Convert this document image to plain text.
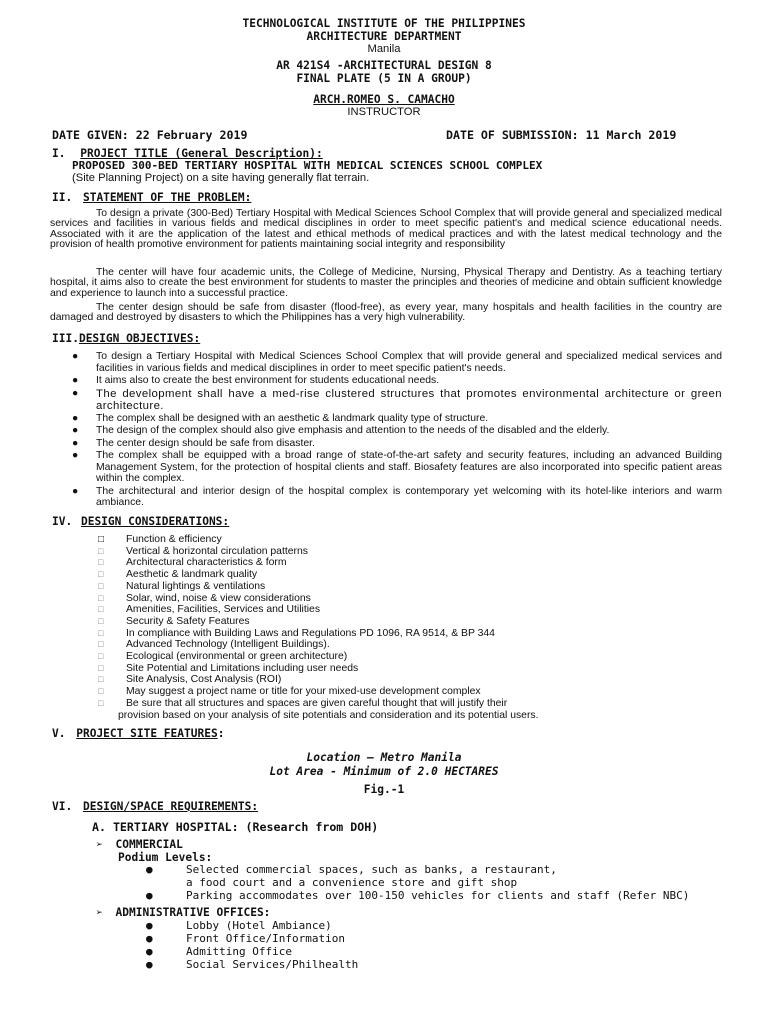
TECHNOLOGICAL INSTITUTE OF THE PHILIPPINES
ARCHITECTURE DEPARTMENT
Manila
AR 421S4 -ARCHITECTURAL DESIGN 8
FINAL PLATE (5 IN A GROUP)
ARCH.ROMEO S. CAMACHO
INSTRUCTOR
DATE GIVEN: 22 February 2019	DATE OF SUBMISSION: 11 March 2019
I. PROJECT TITLE (General Description):
PROPOSED 300-BED TERTIARY HOSPITAL WITH MEDICAL SCIENCES SCHOOL COMPLEX
(Site Planning Project) on a site having generally flat terrain.
II. STATEMENT OF THE PROBLEM:
To design a private (300-Bed) Tertiary Hospital with Medical Sciences School Complex that will provide general and specialized medical services and facilities in various fields and medical disciplines in order to meet specific patient's and medical science educational needs. Associated with it are the application of the latest and ethical methods of medical practices and with the latest medical technology and the provision of health promotive environment for patients maintaining social integrity and responsibility
The center will have four academic units, the College of Medicine, Nursing, Physical Therapy and Dentistry. As a teaching tertiary hospital, it aims also to create the best environment for students to master the principles and theories of medicine and obtain sufficient knowledge and experience to launch into a successful practice.
The center design should be safe from disaster (flood-free), as every year, many hospitals and health facilities in the country are damaged and destroyed by disasters to which the Philippines has a very high vulnerability.
III.DESIGN OBJECTIVES:
● To design a Tertiary Hospital with Medical Sciences School Complex that will provide general and specialized medical services and facilities in various fields and medical disciplines in order to meet specific patient's needs.
● It aims also to create the best environment for students educational needs.
● The development shall have a med-rise clustered structures that promotes environmental architecture or green architecture.
● The complex shall be designed with an aesthetic & landmark quality type of structure.
● The design of the complex should also give emphasis and attention to the needs of the disabled and the elderly.
● The center design should be safe from disaster.
● The complex shall be equipped with a broad range of state-of-the-art safety and security features, including an advanced Building Management System, for the protection of hospital clients and staff. Biosafety features are also incorporated into specific patient areas within the complex.
● The architectural and interior design of the hospital complex is contemporary yet welcoming with its hotel-like interiors and warm ambiance.
IV. DESIGN CONSIDERATIONS:
□ Function & efficiency
□ Vertical & horizontal circulation patterns
□ Architectural characteristics & form
□ Aesthetic & landmark quality
□ Natural lightings & ventilations
□ Solar, wind, noise & view considerations
□ Amenities, Facilities, Services and Utilities
□ Security & Safety Features
□ In compliance with Building Laws and Regulations PD 1096, RA 9514, & BP 344
□ Advanced Technology (Intelligent Buildings).
□ Ecological (environmental or green architecture)
□ Site Potential and Limitations including user needs
□ Site Analysis, Cost Analysis (ROI)
□ May suggest a project name or title for your mixed-use development complex
□ Be sure that all structures and spaces are given careful thought that will justify their
provision based on your analysis of site potentials and consideration and its potential users.
V. PROJECT SITE FEATURES:
Location – Metro Manila
Lot Area - Minimum of 2.0 HECTARES
Fig.-1
VI. DESIGN/SPACE REQUIREMENTS:
A. TERTIARY HOSPITAL: (Research from DOH)
➢ COMMERCIAL
Podium Levels:
●	Selected commercial spaces, such as banks, a restaurant,
a food court and a convenience store and gift shop
●	Parking accommodates over 100-150 vehicles for clients and staff (Refer NBC)
➢ ADMINISTRATIVE OFFICES:
●	Lobby (Hotel Ambiance)
●	Front Office/Information
●	Admitting Office
●	Social Services/Philhealth
